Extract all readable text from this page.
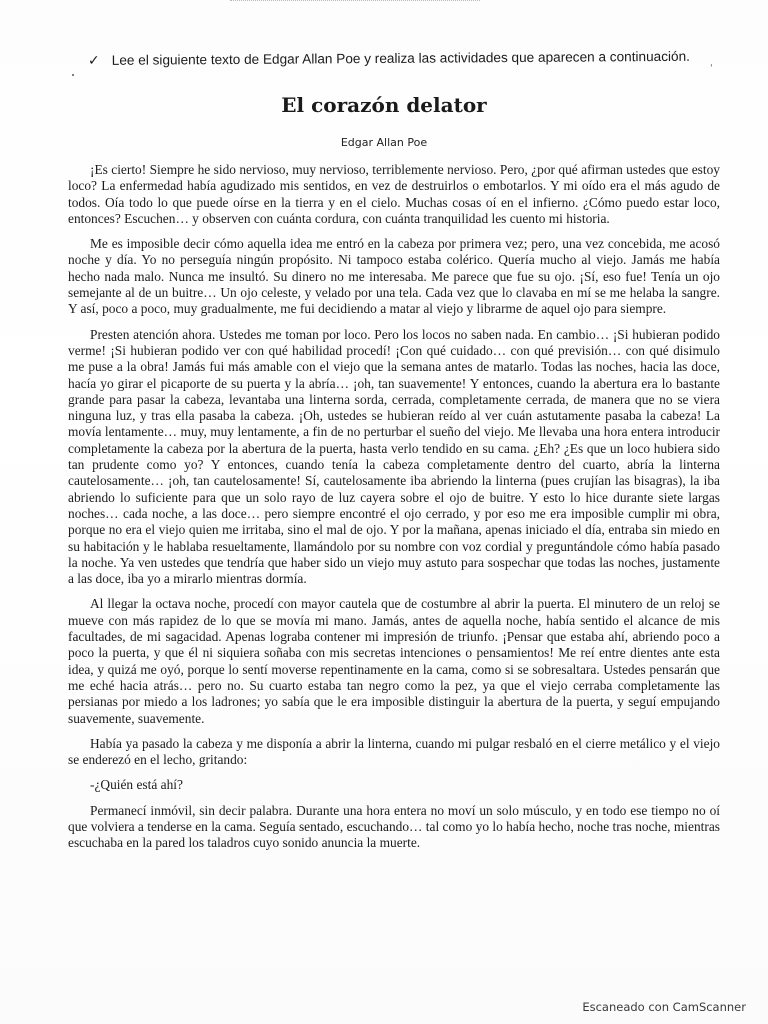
✓ Lee el siguiente texto de Edgar Allan Poe y realiza las actividades que aparecen a continuación.	ˌ
El corazón delator
Edgar Allan Poe

¡Es cierto! Siempre he sido nervioso, muy nervioso, terriblemente nervioso. Pero, ¿por qué afirman ustedes que estoy loco? La enfermedad había agudizado mis sentidos, en vez de destruirlos o embotarlos. Y mi oído era el más agudo de todos. Oía todo lo que puede oírse en la tierra y en el cielo. Muchas cosas oí en el infierno. ¿Cómo puedo estar loco, entonces? Escuchen… y observen con cuánta cordura, con cuánta tranquilidad les cuento mi historia.

Me es imposible decir cómo aquella idea me entró en la cabeza por primera vez; pero, una vez concebida, me acosó noche y día. Yo no perseguía ningún propósito. Ni tampoco estaba colérico. Quería mucho al viejo. Jamás me había hecho nada malo. Nunca me insultó. Su dinero no me interesaba. Me parece que fue su ojo. ¡Sí, eso fue! Tenía un ojo semejante al de un buitre… Un ojo celeste, y velado por una tela. Cada vez que lo clavaba en mí se me helaba la sangre. Y así, poco a poco, muy gradualmente, me fui decidiendo a matar al viejo y librarme de aquel ojo para siempre.

Presten atención ahora. Ustedes me toman por loco. Pero los locos no saben nada. En cambio… ¡Si hubieran podido verme! ¡Si hubieran podido ver con qué habilidad procedí! ¡Con qué cuidado… con qué previsión… con qué disimulo me puse a la obra! Jamás fui más amable con el viejo que la semana antes de matarlo. Todas las noches, hacia las doce, hacía yo girar el picaporte de su puerta y la abría… ¡oh, tan suavemente! Y entonces, cuando la abertura era lo bastante grande para pasar la cabeza, levantaba una linterna sorda, cerrada, completamente cerrada, de manera que no se viera ninguna luz, y tras ella pasaba la cabeza. ¡Oh, ustedes se hubieran reído al ver cuán astutamente pasaba la cabeza! La movía lentamente… muy, muy lentamente, a fin de no perturbar el sueño del viejo. Me llevaba una hora entera introducir completamente la cabeza por la abertura de la puerta, hasta verlo tendido en su cama. ¿Eh? ¿Es que un loco hubiera sido tan prudente como yo? Y entonces, cuando tenía la cabeza completamente dentro del cuarto, abría la linterna cautelosamente… ¡oh, tan cautelosamente! Sí, cautelosamente iba abriendo la linterna (pues crujían las bisagras), la iba abriendo lo suficiente para que un solo rayo de luz cayera sobre el ojo de buitre. Y esto lo hice durante siete largas noches… cada noche, a las doce… pero siempre encontré el ojo cerrado, y por eso me era imposible cumplir mi obra, porque no era el viejo quien me irritaba, sino el mal de ojo. Y por la mañana, apenas iniciado el día, entraba sin miedo en su habitación y le hablaba resueltamente, llamándolo por su nombre con voz cordial y preguntándole cómo había pasado la noche. Ya ven ustedes que tendría que haber sido un viejo muy astuto para sospechar que todas las noches, justamente a las doce, iba yo a mirarlo mientras dormía.

Al llegar la octava noche, procedí con mayor cautela que de costumbre al abrir la puerta. El minutero de un reloj se mueve con más rapidez de lo que se movía mi mano. Jamás, antes de aquella noche, había sentido el alcance de mis facultades, de mi sagacidad. Apenas lograba contener mi impresión de triunfo. ¡Pensar que estaba ahí, abriendo poco a poco la puerta, y que él ni siquiera soñaba con mis secretas intenciones o pensamientos! Me reí entre dientes ante esta idea, y quizá me oyó, porque lo sentí moverse repentinamente en la cama, como si se sobresaltara. Ustedes pensarán que me eché hacia atrás… pero no. Su cuarto estaba tan negro como la pez, ya que el viejo cerraba completamente las persianas por miedo a los ladrones; yo sabía que le era imposible distinguir la abertura de la puerta, y seguí empujando suavemente, suavemente.

Había ya pasado la cabeza y me disponía a abrir la linterna, cuando mi pulgar resbaló en el cierre metálico y el viejo se enderezó en el lecho, gritando:

-¿Quién está ahí?

Permanecí inmóvil, sin decir palabra. Durante una hora entera no moví un solo músculo, y en todo ese tiempo no oí que volviera a tenderse en la cama. Seguía sentado, escuchando… tal como yo lo había hecho, noche tras noche, mientras escuchaba en la pared los taladros cuyo sonido anuncia la muerte.

Escaneado con CamScanner
